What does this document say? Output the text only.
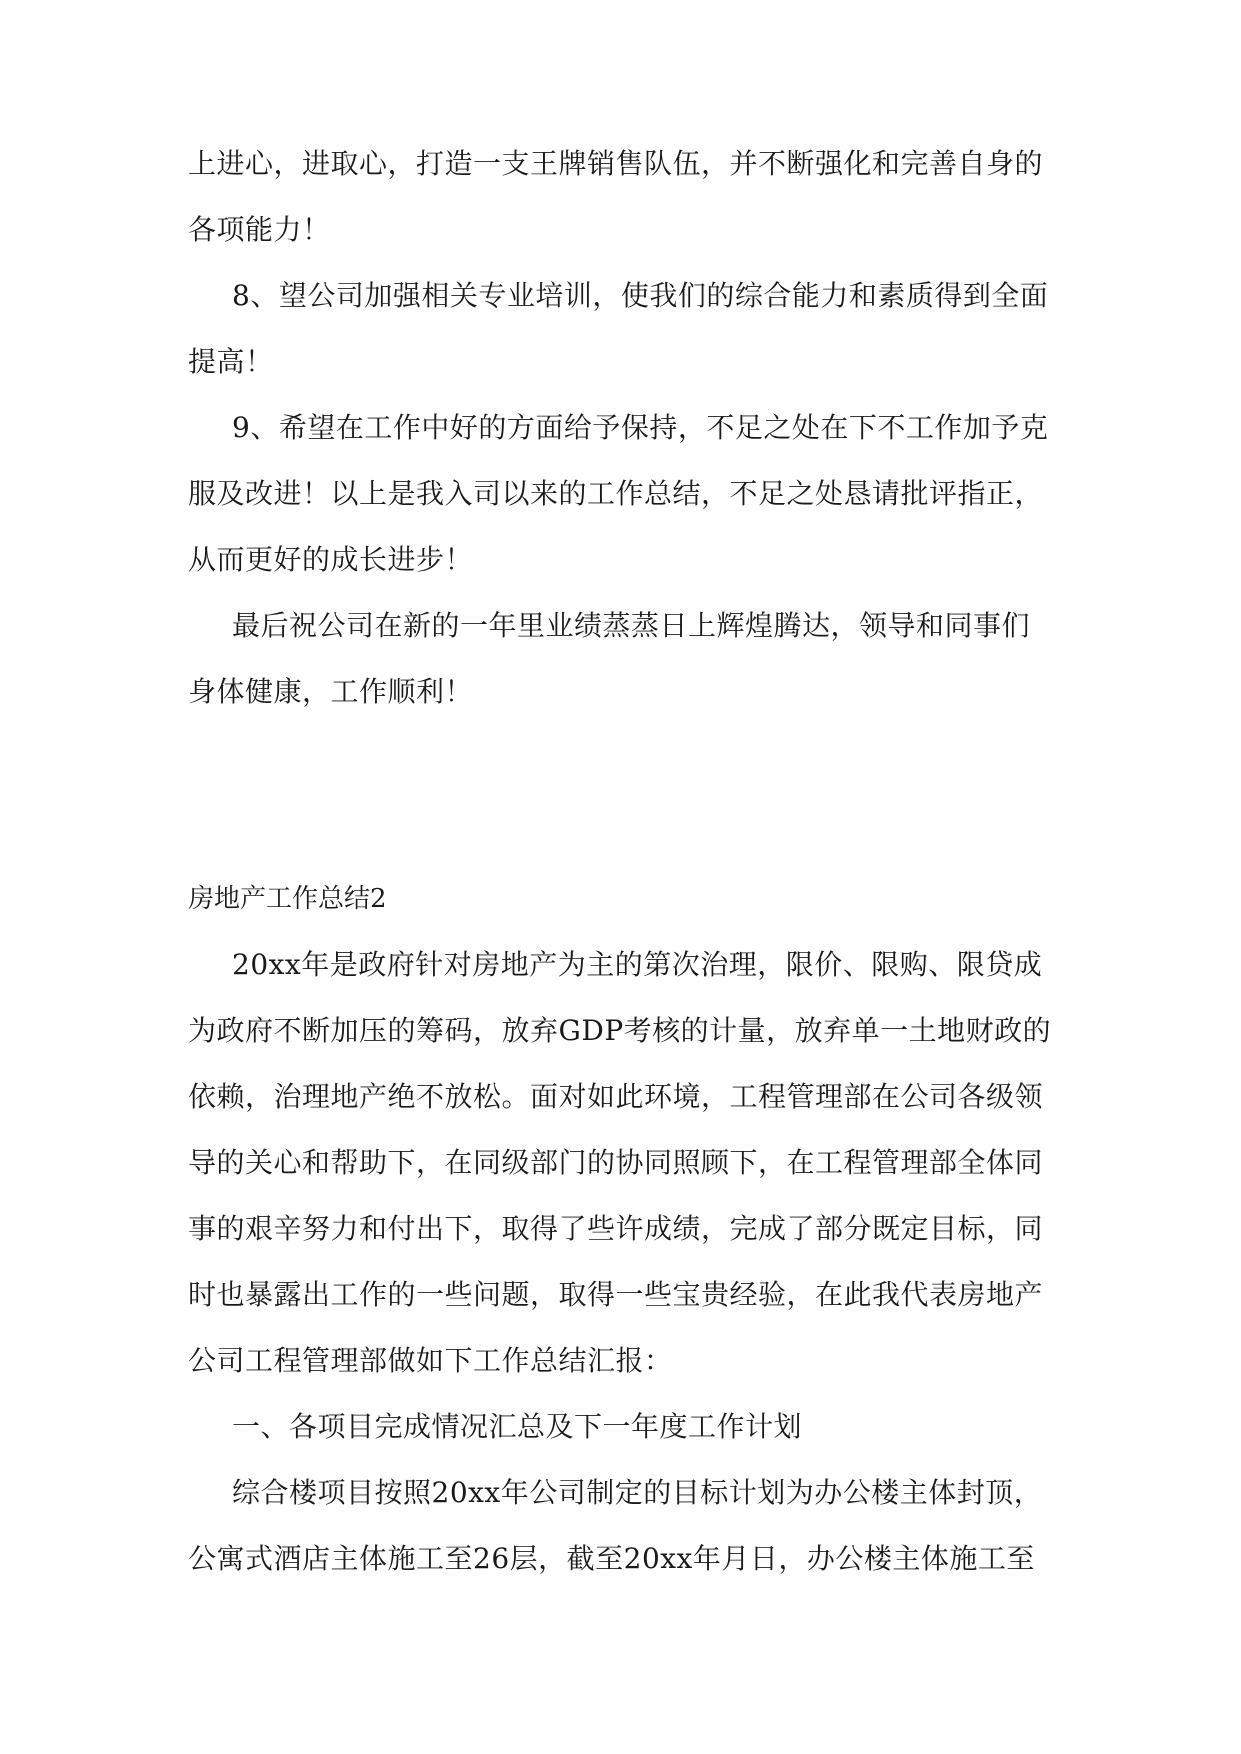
上进心，进取心，打造一支王牌销售队伍，并不断强化和完善自身的
各项能力！
8、望公司加强相关专业培训，使我们的综合能力和素质得到全面
提高！
9、希望在工作中好的方面给予保持，不足之处在下不工作加予克
服及改进！以上是我入司以来的工作总结，不足之处恳请批评指正，
从而更好的成长进步！
最后祝公司在新的一年里业绩蒸蒸日上辉煌腾达，领导和同事们
身体健康，工作顺利！
房地产工作总结2
20xx年是政府针对房地产为主的第次治理，限价、限购、限贷成
为政府不断加压的筹码，放弃GDP考核的计量，放弃单一土地财政的
依赖，治理地产绝不放松。面对如此环境，工程管理部在公司各级领
导的关心和帮助下，在同级部门的协同照顾下，在工程管理部全体同
事的艰辛努力和付出下，取得了些许成绩，完成了部分既定目标，同
时也暴露出工作的一些问题，取得一些宝贵经验，在此我代表房地产
公司工程管理部做如下工作总结汇报：
一、各项目完成情况汇总及下一年度工作计划
综合楼项目按照20xx年公司制定的目标计划为办公楼主体封顶，
公寓式酒店主体施工至26层，截至20xx年月日，办公楼主体施工至
